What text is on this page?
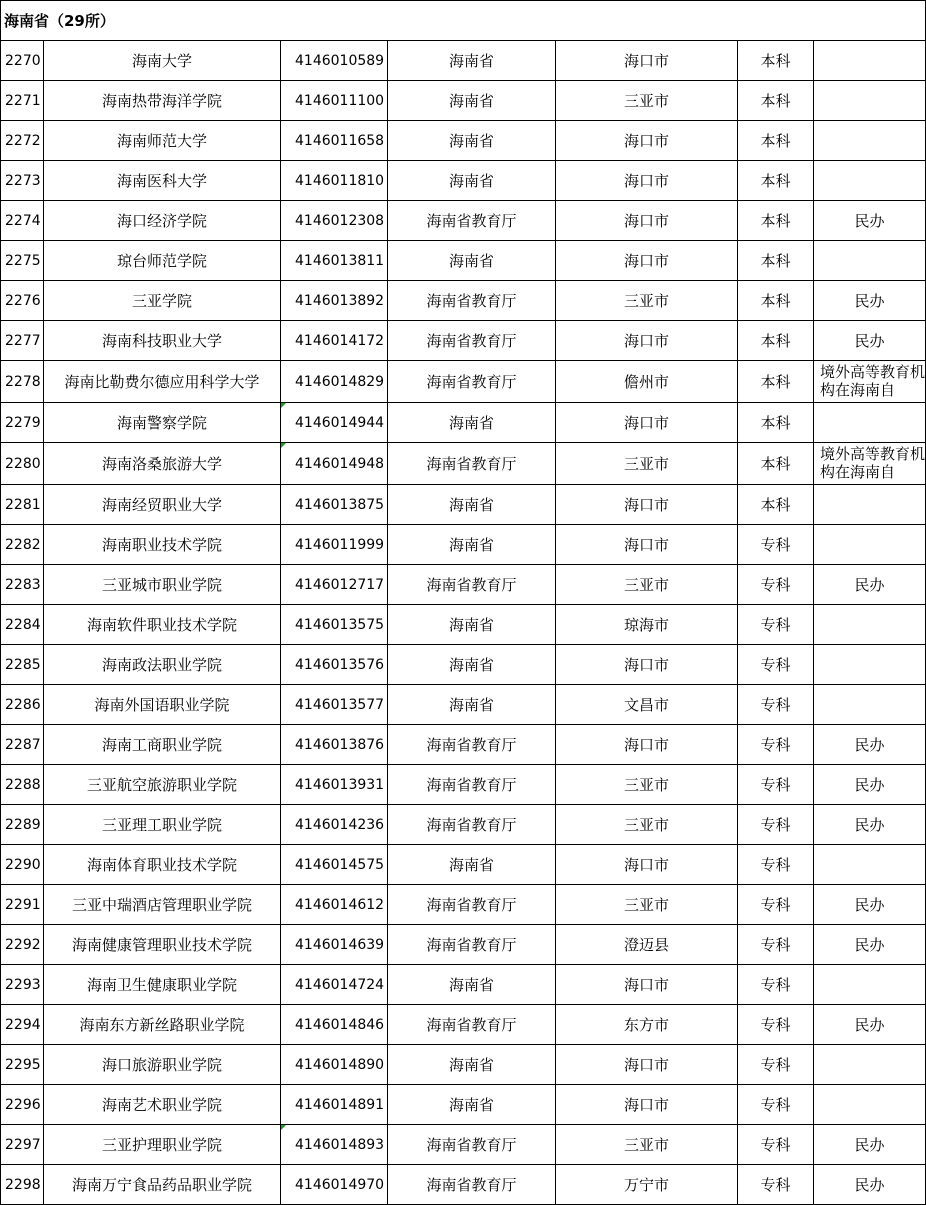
海南省（29所）						
2270	海南大学	4146010589	海南省	海口市	本科	
2271	海南热带海洋学院	4146011100	海南省	三亚市	本科	
2272	海南师范大学	4146011658	海南省	海口市	本科	
2273	海南医科大学	4146011810	海南省	海口市	本科	
2274	海口经济学院	4146012308	海南省教育厅	海口市	本科	民办
2275	琼台师范学院	4146013811	海南省	海口市	本科	
2276	三亚学院	4146013892	海南省教育厅	三亚市	本科	民办
2277	海南科技职业大学	4146014172	海南省教育厅	海口市	本科	民办
2278	海南比勒费尔德应用科学大学	4146014829	海南省教育厅	儋州市	本科	境外高等教育机构在海南自

2279	海南警察学院	4146014944	海南省	海口市	本科	
2280	海南洛桑旅游大学	4146014948	海南省教育厅	三亚市	本科	境外高等教育机构在海南自

2281	海南经贸职业大学	4146013875	海南省	海口市	本科	
2282	海南职业技术学院	4146011999	海南省	海口市	专科	
2283	三亚城市职业学院	4146012717	海南省教育厅	三亚市	专科	民办
2284	海南软件职业技术学院	4146013575	海南省	琼海市	专科	
2285	海南政法职业学院	4146013576	海南省	海口市	专科	
2286	海南外国语职业学院	4146013577	海南省	文昌市	专科	
2287	海南工商职业学院	4146013876	海南省教育厅	海口市	专科	民办
2288	三亚航空旅游职业学院	4146013931	海南省教育厅	三亚市	专科	民办
2289	三亚理工职业学院	4146014236	海南省教育厅	三亚市	专科	民办
2290	海南体育职业技术学院	4146014575	海南省	海口市	专科	
2291	三亚中瑞酒店管理职业学院	4146014612	海南省教育厅	三亚市	专科	民办
2292	海南健康管理职业技术学院	4146014639	海南省教育厅	澄迈县	专科	民办
2293	海南卫生健康职业学院	4146014724	海南省	海口市	专科	
2294	海南东方新丝路职业学院	4146014846	海南省教育厅	东方市	专科	民办
2295	海口旅游职业学院	4146014890	海南省	海口市	专科	
2296	海南艺术职业学院	4146014891	海南省	海口市	专科	
2297	三亚护理职业学院	4146014893	海南省教育厅	三亚市	专科	民办
2298	海南万宁食品药品职业学院	4146014970	海南省教育厅	万宁市	专科	民办
